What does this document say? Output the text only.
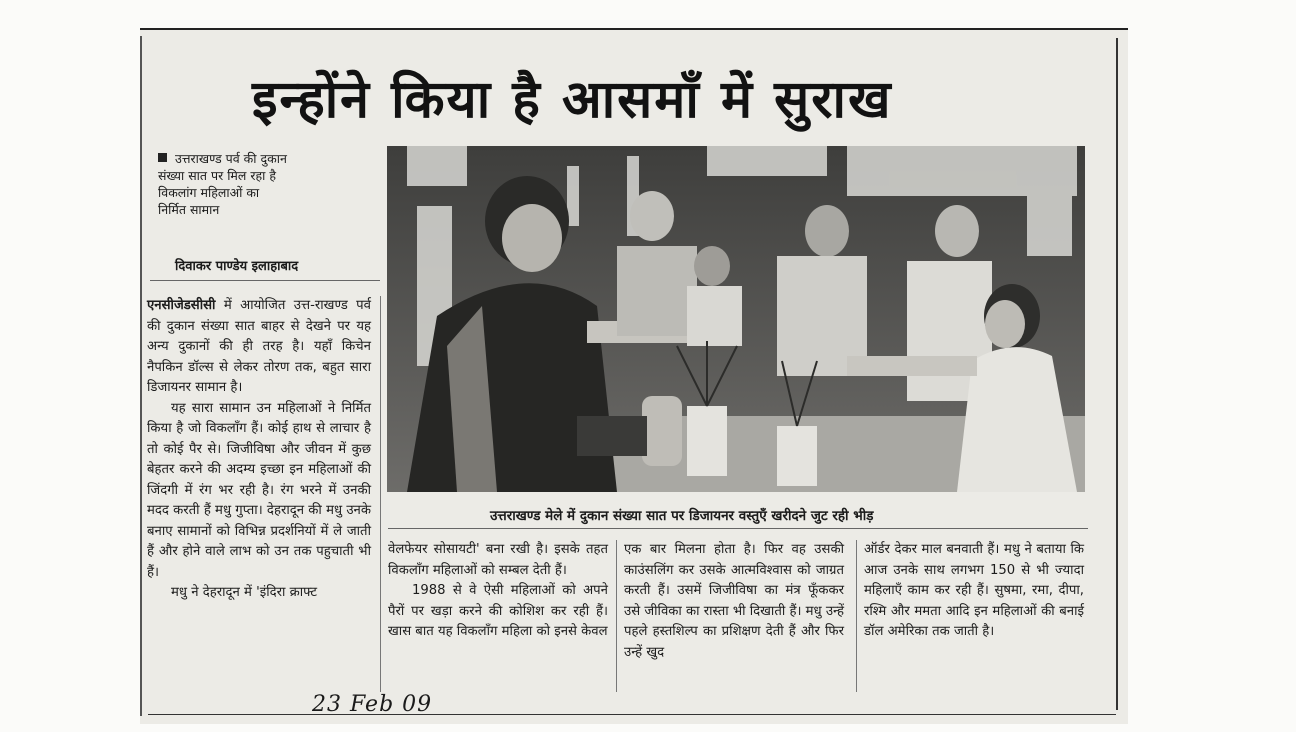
इन्होंने किया है आसमाँ में सुराख

उत्तराखण्ड पर्व की दुकान

संख्या सात पर मिल रहा है

विकलांग महिलाओं का

निर्मित सामान

दिवाकर पाण्डेय इलाहाबाद

एनसीजेडसीसी में आयोजित उत्त-राखण्ड पर्व की दुकान संख्या सात बाहर से देखने पर यह अन्य दुकानों की ही तरह है। यहाँ किचेन नैपकिन डॉल्स से लेकर तोरण तक, बहुत सारा डिजायनर सामान है।

यह सारा सामान उन महिलाओं ने निर्मित किया है जो विकलाँग हैं। कोई हाथ से लाचार है तो कोई पैर से। जिजीविषा और जीवन में कुछ बेहतर करने की अदम्य इच्छा इन महिलाओं की जिंदगी में रंग भर रही है। रंग भरने में उनकी मदद करती हैं मधु गुप्ता। देहरादून की मधु उनके बनाए सामानों को विभिन्न प्रदर्शनियों में ले जाती हैं और होने वाले लाभ को उन तक पहुचाती भी हैं।

मधु ने देहरादून में 'इंदिरा क्राफ्ट

उत्तराखण्ड मेले में दुकान संख्या सात पर डिजायनर वस्तुएँ खरीदने जुट रही भीड़

वेलफेयर सोसायटी' बना रखी है। इसके तहत विकलाँग महिलाओं को सम्बल देती हैं।

1988 से वे ऐसी महिलाओं को अपने पैरों पर खड़ा करने की कोशिश कर रही हैं। खास बात यह विकलाँग महिला को इनसे केवल

एक बार मिलना होता है। फिर वह उसकी काउंसलिंग कर उसके आत्मविश्वास को जाग्रत करती हैं। उसमें जिजीविषा का मंत्र फूँककर उसे जीविका का रास्ता भी दिखाती हैं। मधु उन्हें पहले हस्तशिल्प का प्रशिक्षण देती हैं और फिर उन्हें खुद

ऑर्डर देकर माल बनवाती हैं। मधु ने बताया कि आज उनके साथ लगभग 150 से भी ज्यादा महिलाएँ काम कर रही हैं। सुषमा, रमा, दीपा, रश्मि और ममता आदि इन महिलाओं की बनाई डॉल अमेरिका तक जाती है।

23 Feb 09
